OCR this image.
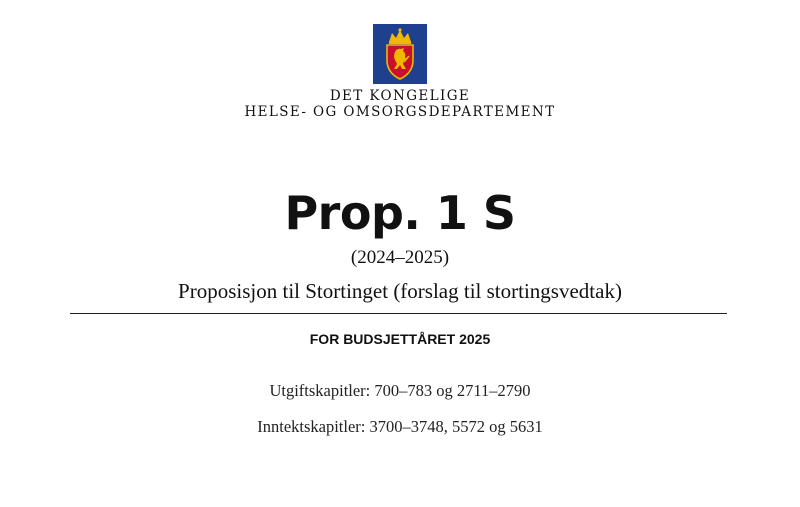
DET KONGELIGE
HELSE- OG OMSORGSDEPARTEMENT
Prop. 1 S
(2024–2025)
Proposisjon til Stortinget (forslag til stortingsvedtak)
FOR BUDSJETTÅRET 2025
Utgiftskapitler: 700–783 og 2711–2790
Inntektskapitler: 3700–3748, 5572 og 5631
